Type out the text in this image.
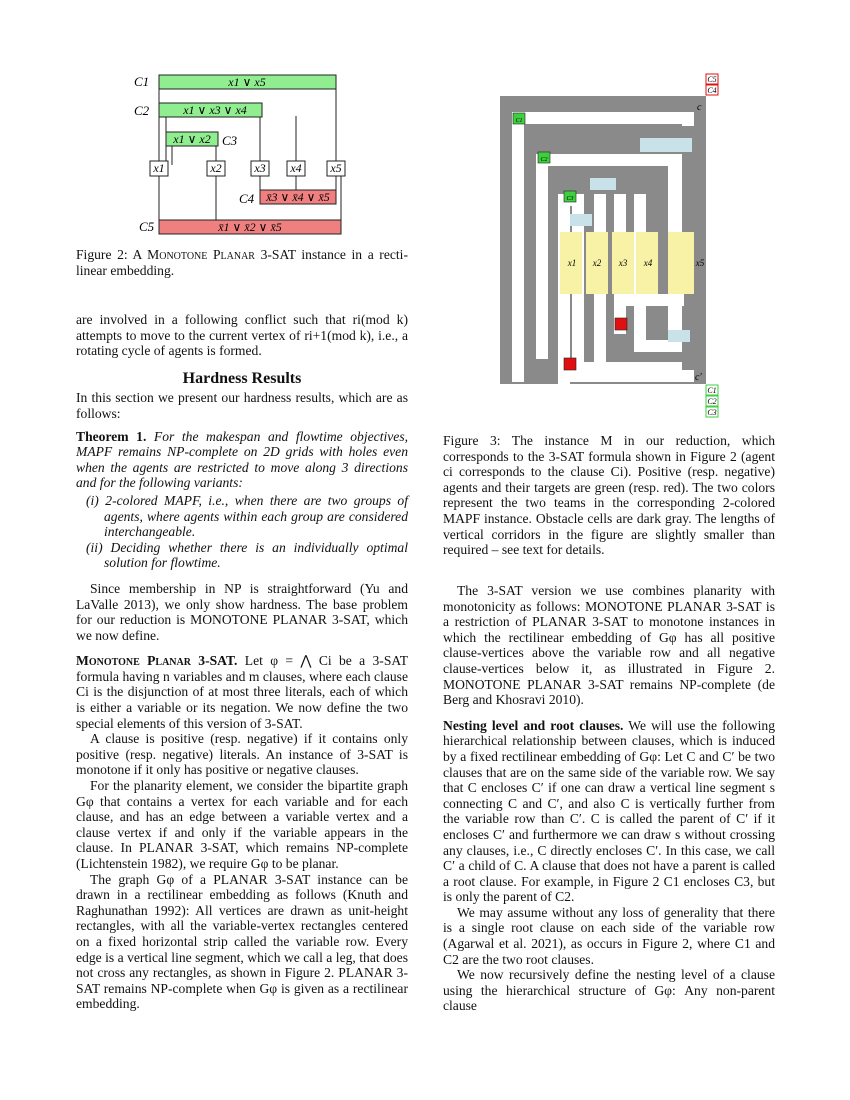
x1 ∨ x5
x1 ∨ x3 ∨ x4
x1 ∨ x2
x̄3 ∨ x̄4 ∨ x̄5
x̄1 ∨ x̄2 ∨ x̄5
x1	x2	x3 x4 x5
C1
C2
C3
C4
C5
Figure 2: A Monotone Planar 3-SAT instance in a recti-linear embedding.
C5
C4
C1
C2
C3
x1 x2 x3 x4	x5
c
c′
C1
C2
C3
Figure 3: The instance M in our reduction, which corresponds to the 3-SAT formula shown in Figure 2 (agent ci corresponds to the clause Ci). Positive (resp. negative) agents and their targets are green (resp. red). The two colors represent the two teams in the corresponding 2-colored MAPF instance. Obstacle cells are dark gray. The lengths of vertical corridors in the figure are slightly smaller than required – see text for details.

are involved in a following conflict such that ri(mod k) attempts to move to the current vertex of ri+1(mod k), i.e., a rotating cycle of agents is formed.

Hardness Results

In this section we present our hardness results, which are as follows:

Theorem 1. For the makespan and flowtime objectives, MAPF remains NP-complete on 2D grids with holes even when the agents are restricted to move along 3 directions and for the following variants:

(i) 2-colored MAPF, i.e., when there are two groups of agents, where agents within each group are considered interchangeable.

(ii) Deciding whether there is an individually optimal solution for flowtime.

Since membership in NP is straightforward (Yu and LaValle 2013), we only show hardness. The base problem for our reduction is MONOTONE PLANAR 3-SAT, which we now define.

Monotone Planar 3-SAT. Let φ = ⋀ Ci be a 3-SAT formula having n variables and m clauses, where each clause Ci is the disjunction of at most three literals, each of which is either a variable or its negation. We now define the two special elements of this version of 3-SAT.

A clause is positive (resp. negative) if it contains only positive (resp. negative) literals. An instance of 3-SAT is monotone if it only has positive or negative clauses.

For the planarity element, we consider the bipartite graph Gφ that contains a vertex for each variable and for each clause, and has an edge between a variable vertex and a clause vertex if and only if the variable appears in the clause. In PLANAR 3-SAT, which remains NP-complete (Lichtenstein 1982), we require Gφ to be planar.

The graph Gφ of a PLANAR 3-SAT instance can be drawn in a rectilinear embedding as follows (Knuth and Raghunathan 1992): All vertices are drawn as unit-height rectangles, with all the variable-vertex rectangles centered on a fixed horizontal strip called the variable row. Every edge is a vertical line segment, which we call a leg, that does not cross any rectangles, as shown in Figure 2. PLANAR 3-SAT remains NP-complete when Gφ is given as a rectilinear embedding.

The 3-SAT version we use combines planarity with monotonicity as follows: MONOTONE PLANAR 3-SAT is a restriction of PLANAR 3-SAT to monotone instances in which the rectilinear embedding of Gφ has all positive clause-vertices above the variable row and all negative clause-vertices below it, as illustrated in Figure 2. MONOTONE PLANAR 3-SAT remains NP-complete (de Berg and Khosravi 2010).

Nesting level and root clauses. We will use the following hierarchical relationship between clauses, which is induced by a fixed rectilinear embedding of Gφ: Let C and C′ be two clauses that are on the same side of the variable row. We say that C encloses C′ if one can draw a vertical line segment s connecting C and C′, and also C is vertically further from the variable row than C′. C is called the parent of C′ if it encloses C′ and furthermore we can draw s without crossing any clauses, i.e., C directly encloses C′. In this case, we call C′ a child of C. A clause that does not have a parent is called a root clause. For example, in Figure 2 C1 encloses C3, but is only the parent of C2.

We may assume without any loss of generality that there is a single root clause on each side of the variable row (Agarwal et al. 2021), as occurs in Figure 2, where C1 and C2 are the two root clauses.

We now recursively define the nesting level of a clause using the hierarchical structure of Gφ: Any non-parent clause
